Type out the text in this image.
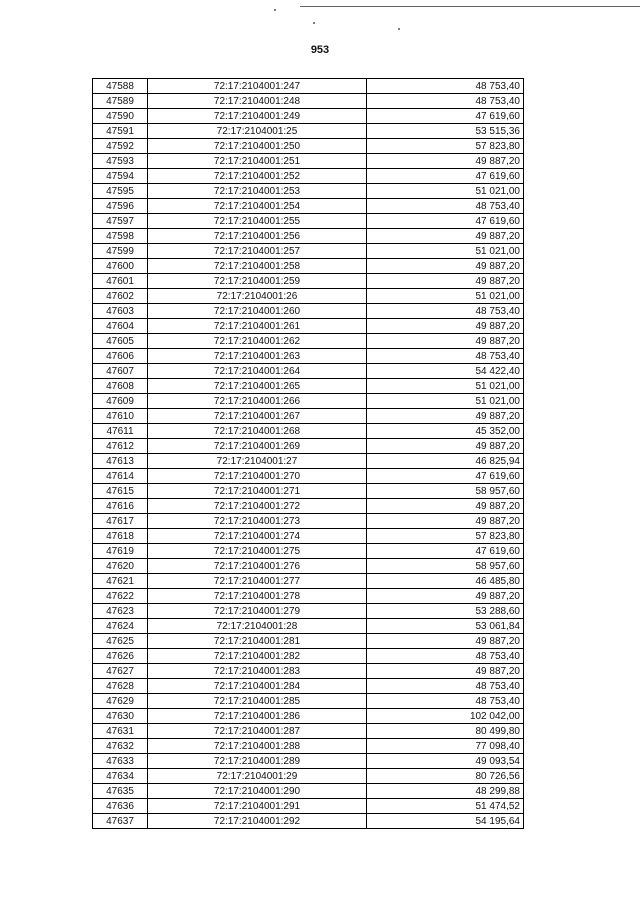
953
47588	72:17:2104001:247	48 753,40
47589	72:17:2104001:248	48 753,40
47590	72:17:2104001:249	47 619,60
47591	72:17:2104001:25	53 515,36
47592	72:17:2104001:250	57 823,80
47593	72:17:2104001:251	49 887,20
47594	72:17:2104001:252	47 619,60
47595	72:17:2104001:253	51 021,00
47596	72:17:2104001:254	48 753,40
47597	72:17:2104001:255	47 619,60
47598	72:17:2104001:256	49 887,20
47599	72:17:2104001:257	51 021,00
47600	72:17:2104001:258	49 887,20
47601	72:17:2104001:259	49 887,20
47602	72:17:2104001:26	51 021,00
47603	72:17:2104001:260	48 753,40
47604	72:17:2104001:261	49 887,20
47605	72:17:2104001:262	49 887,20
47606	72:17:2104001:263	48 753,40
47607	72:17:2104001:264	54 422,40
47608	72:17:2104001:265	51 021,00
47609	72:17:2104001:266	51 021,00
47610	72:17:2104001:267	49 887,20
47611	72:17:2104001:268	45 352,00
47612	72:17:2104001:269	49 887,20
47613	72:17:2104001:27	46 825,94
47614	72:17:2104001:270	47 619,60
47615	72:17:2104001:271	58 957,60
47616	72:17:2104001:272	49 887,20
47617	72:17:2104001:273	49 887,20
47618	72:17:2104001:274	57 823,80
47619	72:17:2104001:275	47 619,60
47620	72:17:2104001:276	58 957,60
47621	72:17:2104001:277	46 485,80
47622	72:17:2104001:278	49 887,20
47623	72:17:2104001:279	53 288,60
47624	72:17:2104001:28	53 061,84
47625	72:17:2104001:281	49 887,20
47626	72:17:2104001:282	48 753,40
47627	72:17:2104001:283	49 887,20
47628	72:17:2104001:284	48 753,40
47629	72:17:2104001:285	48 753,40
47630	72:17:2104001:286	102 042,00
47631	72:17:2104001:287	80 499,80
47632	72:17:2104001:288	77 098,40
47633	72:17:2104001:289	49 093,54
47634	72:17:2104001:29	80 726,56
47635	72:17:2104001:290	48 299,88
47636	72:17:2104001:291	51 474,52
47637	72:17:2104001:292	54 195,64
